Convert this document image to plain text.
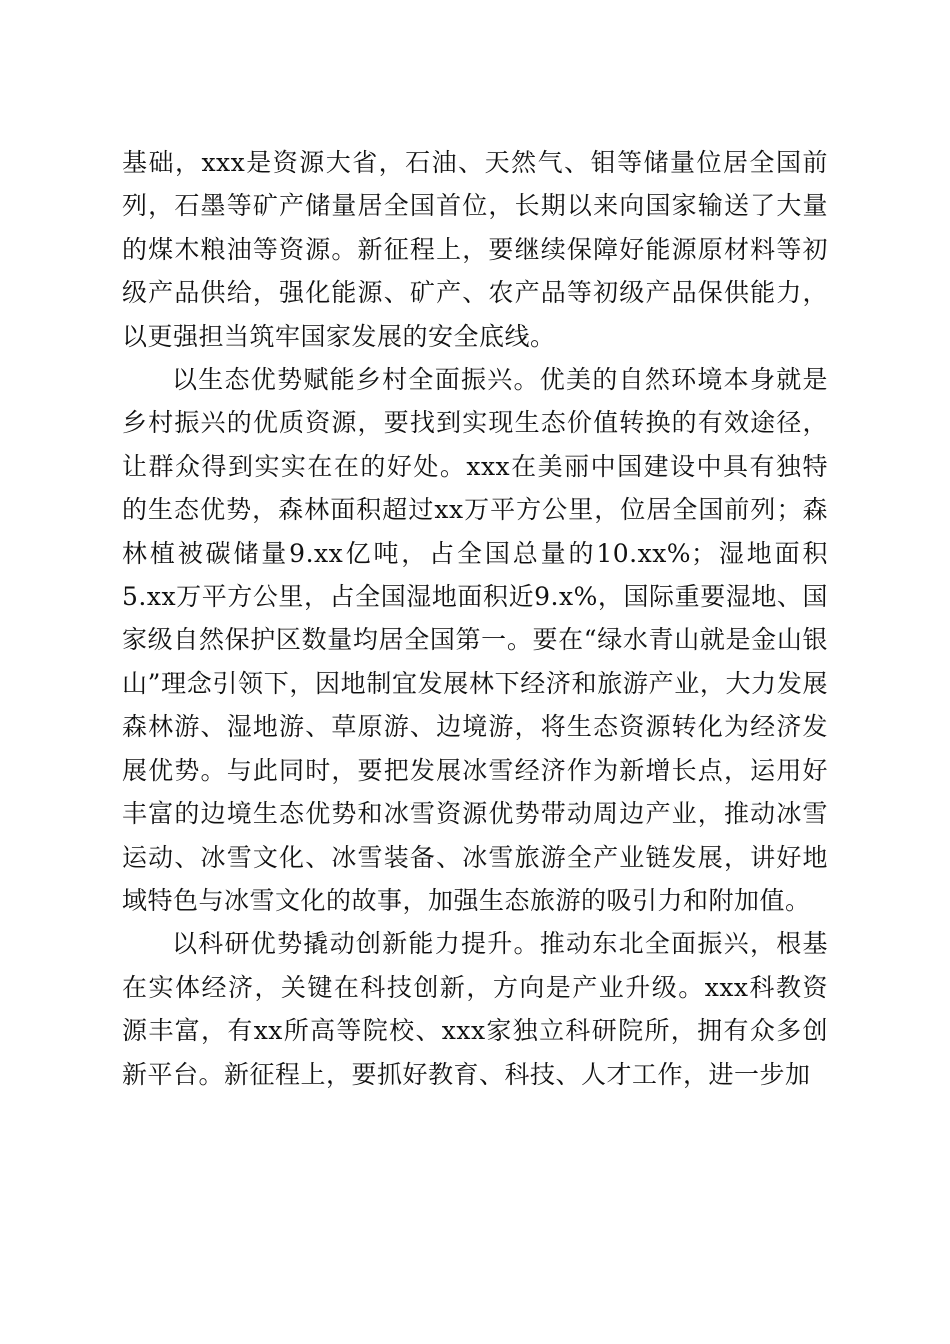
基础，xxx是资源大省，石油、天然气、钼等储量位居全国前列，石墨等矿产储量居全国首位，长期以来向国家输送了大量的煤木粮油等资源。新征程上，要继续保障好能源原材料等初级产品供给，强化能源、矿产、农产品等初级产品保供能力，以更强担当筑牢国家发展的安全底线。

以生态优势赋能乡村全面振兴。优美的自然环境本身就是乡村振兴的优质资源，要找到实现生态价值转换的有效途径，让群众得到实实在在的好处。xxx在美丽中国建设中具有独特的生态优势，森林面积超过xx万平方公里，位居全国前列；森林植被碳储量9.xx亿吨，占全国总量的10.xx%；湿地面积5.xx万平方公里，占全国湿地面积近9.x%，国际重要湿地、国家级自然保护区数量均居全国第一。要在“绿水青山就是金山银山”理念引领下，因地制宜发展林下经济和旅游产业，大力发展森林游、湿地游、草原游、边境游，将生态资源转化为经济发展优势。与此同时，要把发展冰雪经济作为新增长点，运用好丰富的边境生态优势和冰雪资源优势带动周边产业，推动冰雪运动、冰雪文化、冰雪装备、冰雪旅游全产业链发展，讲好地域特色与冰雪文化的故事，加强生态旅游的吸引力和附加值。

以科研优势撬动创新能力提升。推动东北全面振兴，根基在实体经济，关键在科技创新，方向是产业升级。xxx科教资源丰富，有xx所高等院校、xxx家独立科研院所，拥有众多创新平台。新征程上，要抓好教育、科技、人才工作，进一步加
